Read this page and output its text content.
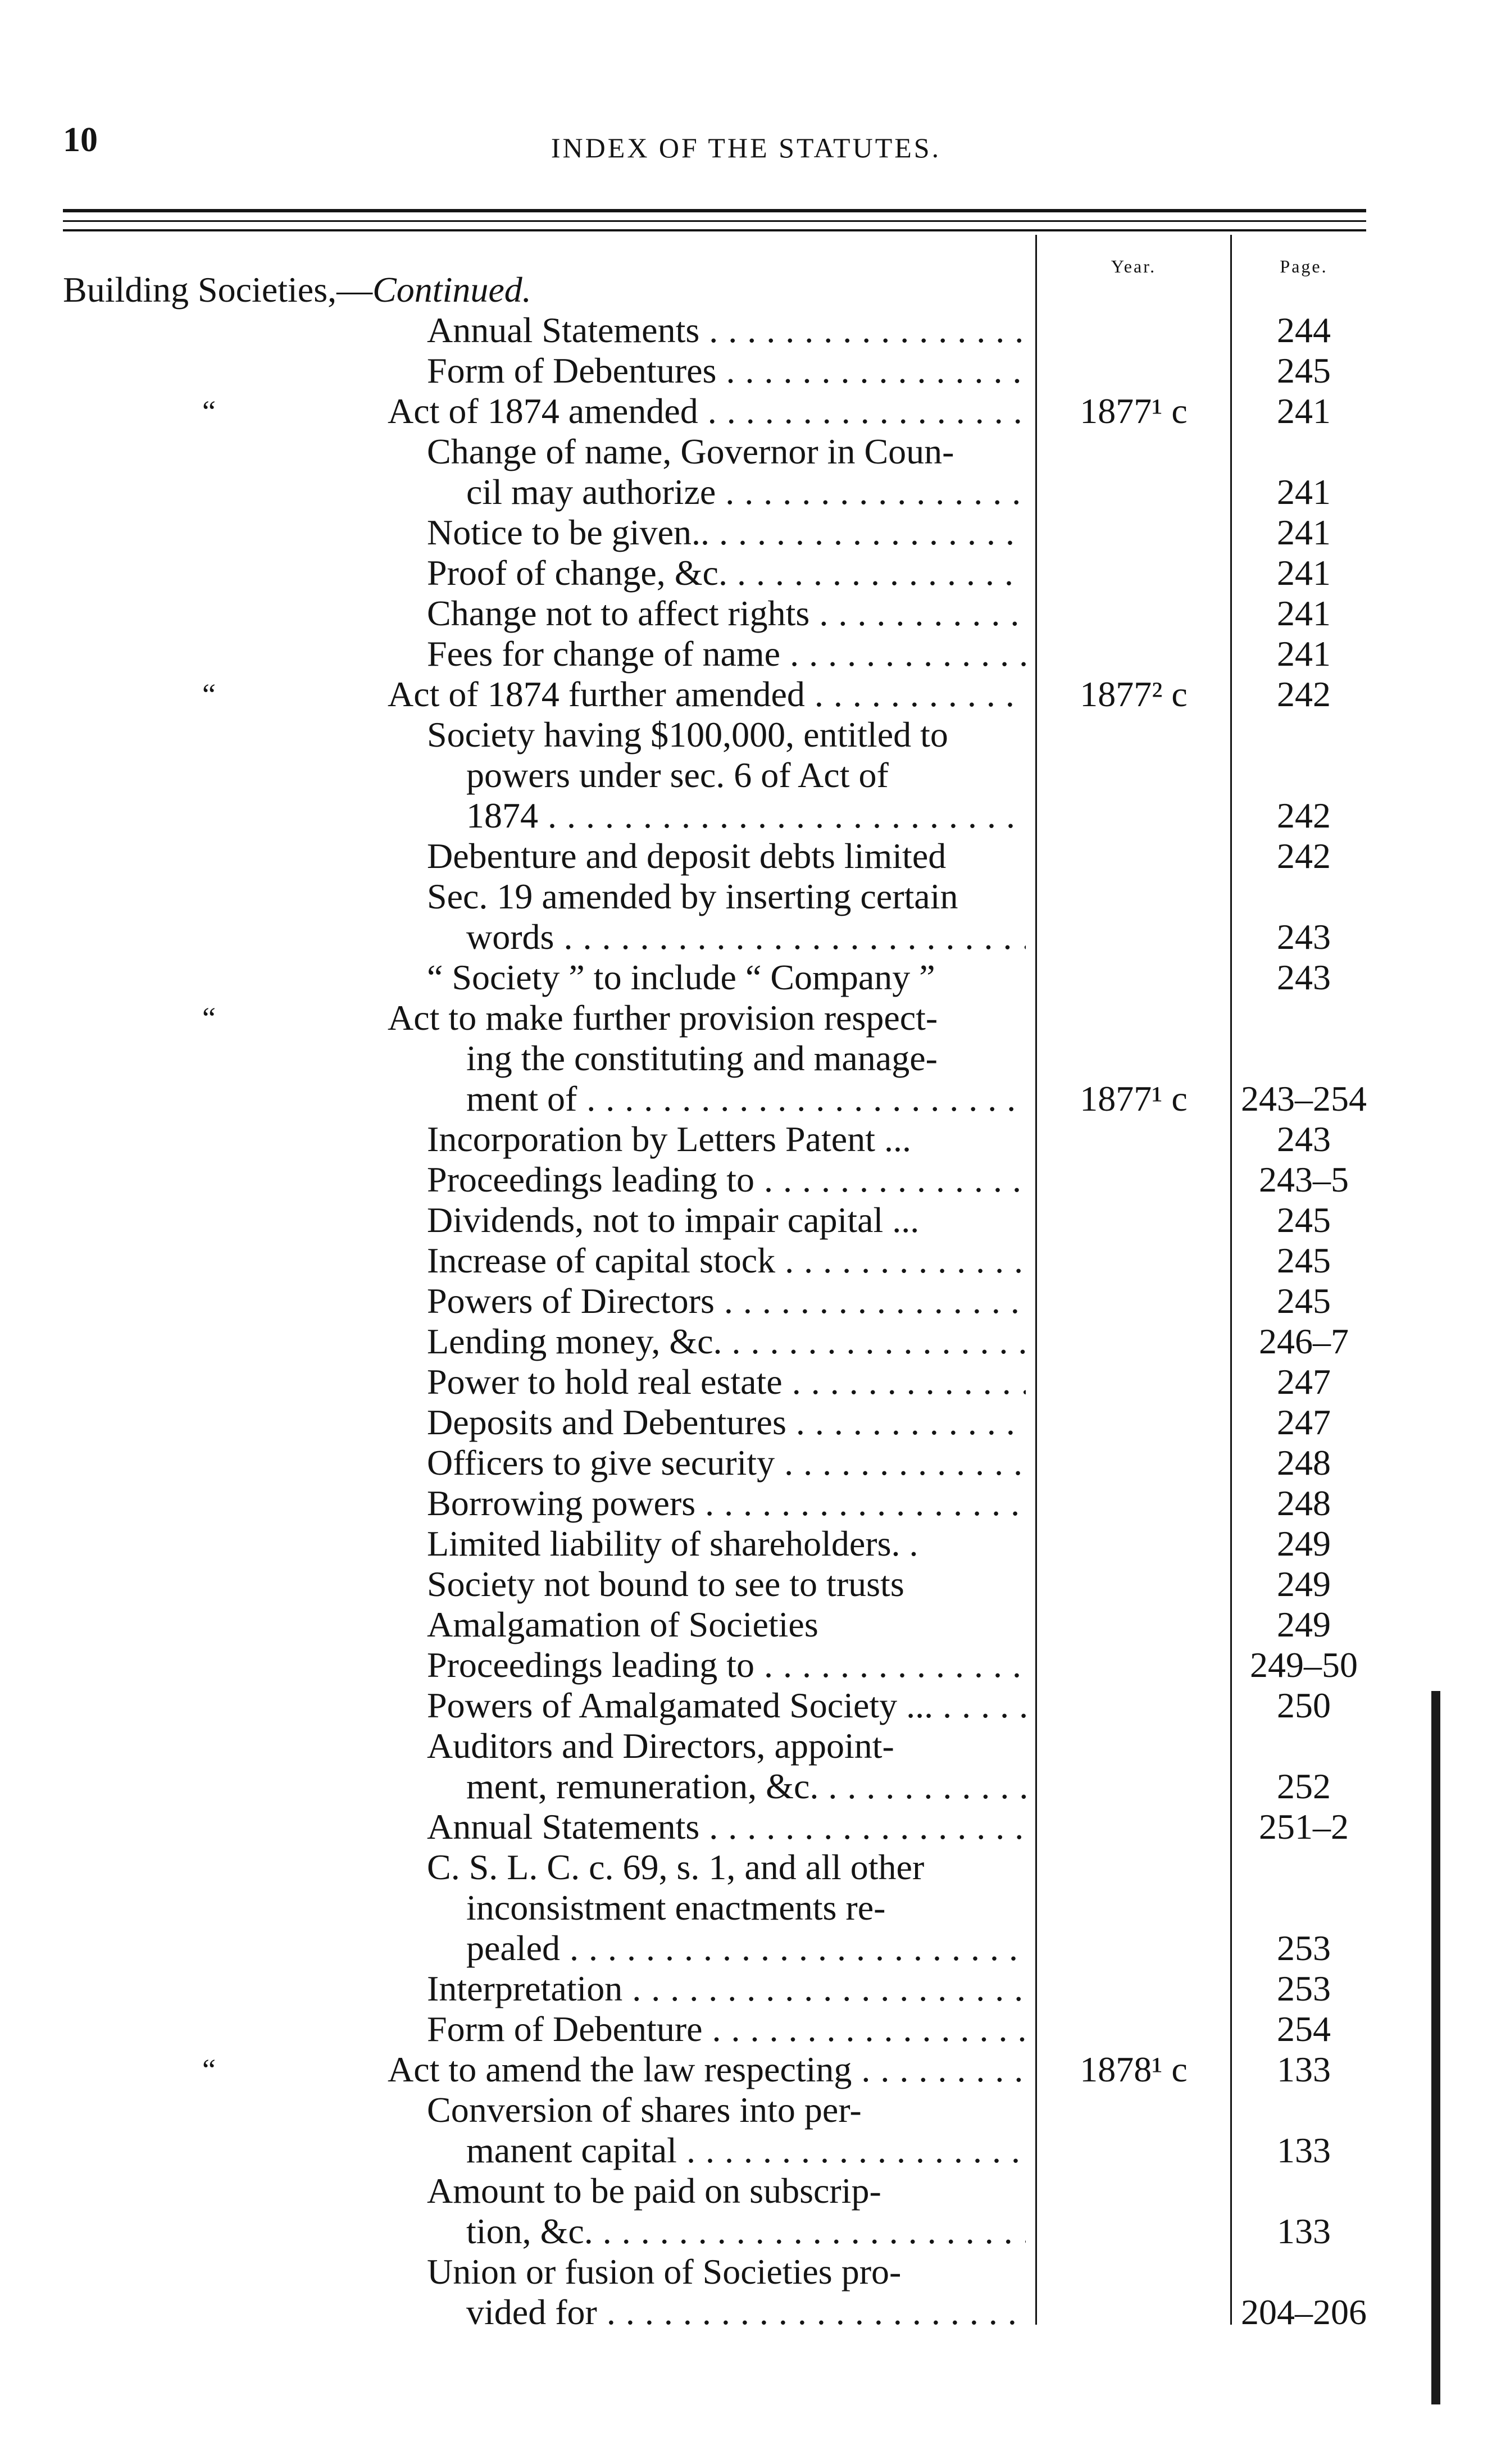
10	INDEX OF THE STATUTES.
Year.	Page.
Building Societies,—Continued.
Annual Statements . . .	244
Form of Debentures . . .	245
“	Act of 1874 amended . . .	1877¹ c	241
Change of name, Governor in Coun-
cil may authorize . . .	241
Notice to be given.. . . .	241
Proof of change, &c. . . .	241
Change not to affect rights . . .	241
Fees for change of name . . .	241
“	Act of 1874 further amended . . .	1877² c	242
Society having $100,000, entitled to
powers under sec. 6 of Act of
1874 . . .	242
Debenture and deposit debts limited	242
Sec. 19 amended by inserting certain
words . . .	243
“ Society ” to include “ Company ”	243
“	Act to make further provision respect-
ing the constituting and manage-
ment of . . .	1877¹ c	243–254
Incorporation by Letters Patent ...	243
Proceedings leading to . . .	243–5
Dividends, not to impair capital ...	245
Increase of capital stock . . .	245
Powers of Directors . . .	245
Lending money, &c. . . .	246–7
Power to hold real estate . . .	247
Deposits and Debentures . . .	247
Officers to give security . . .	248
Borrowing powers . . .	248
Limited liability of shareholders. .	249
Society not bound to see to trusts	249
Amalgamation of Societies	249
Proceedings leading to . . .	249–50
Powers of Amalgamated Society ... . . .	250
Auditors and Directors, appoint-
ment, remuneration, &c. . . .	252
Annual Statements . . .	251–2
C. S. L. C. c. 69, s. 1, and all other
inconsistment enactments re-
pealed . . .	253
Interpretation . . .	253
Form of Debenture . . .	254
“	Act to amend the law respecting . . .	1878¹ c	133
Conversion of shares into per-
manent capital . . .	133
Amount to be paid on subscrip-
tion, &c. . . .	133
Union or fusion of Societies pro-
vided for . . .	204–206
